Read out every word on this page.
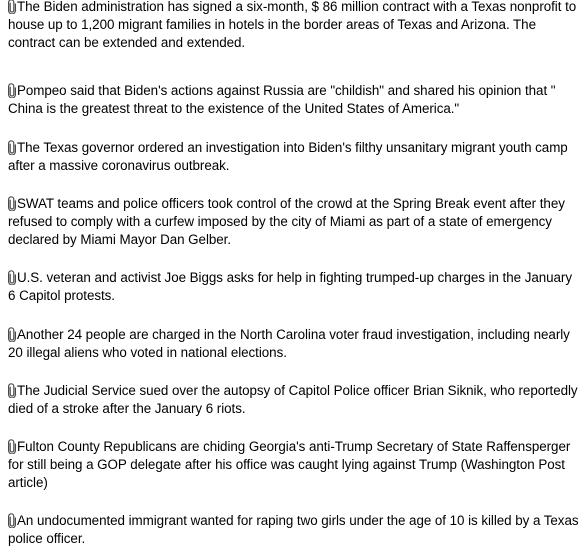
The Biden administration has signed a six-month, $ 86 million contract with a Texas nonprofit to house up to 1,200 migrant families in hotels in the border areas of Texas and Arizona. The contract can be extended and extended.

Pompeo said that Biden's actions against Russia are "childish" and shared his opinion that " China is the greatest threat to the existence of the United States of America."

The Texas governor ordered an investigation into Biden's filthy unsanitary migrant youth camp after a massive coronavirus outbreak.

SWAT teams and police officers took control of the crowd at the Spring Break event after they refused to comply with a curfew imposed by the city of Miami as part of a state of emergency declared by Miami Mayor Dan Gelber.

U.S. veteran and activist Joe Biggs asks for help in fighting trumped-up charges in the January 6 Capitol protests.

Another 24 people are charged in the North Carolina voter fraud investigation, including nearly 20 illegal aliens who voted in national elections.

The Judicial Service sued over the autopsy of Capitol Police officer Brian Siknik, who reportedly died of a stroke after the January 6 riots.

Fulton County Republicans are chiding Georgia's anti-Trump Secretary of State Raffensperger for still being a GOP delegate after his office was caught lying against Trump (Washington Post article)

An undocumented immigrant wanted for raping two girls under the age of 10 is killed by a Texas police officer.
